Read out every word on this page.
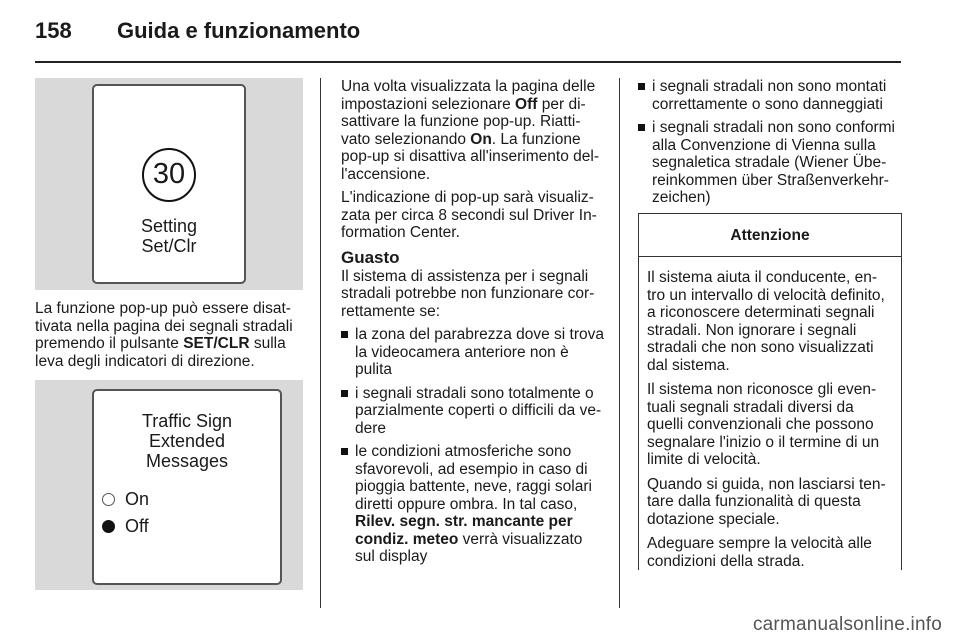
158 Guida e funzionamento
30
Setting
Set/Clr

La funzione pop-up può essere disat-tivata nella pagina dei segnali stradali premendo il pulsante SET/CLR sulla leva degli indicatori di direzione.

Traffic Sign
Extended
Messages
On
Off

Una volta visualizzata la pagina delle impostazioni selezionare Off per di-sattivare la funzione pop-up. Riatti-vato selezionando On. La funzione pop-up si disattiva all'inserimento del-l'accensione.

L'indicazione di pop-up sarà visualiz-zata per circa 8 secondi sul Driver In-formation Center.

Guasto

Il sistema di assistenza per i segnali stradali potrebbe non funzionare cor-rettamente se:

la zona del parabrezza dove si trova la videocamera anteriore non è pulita
i segnali stradali sono totalmente o parzialmente coperti o difficili da ve-dere
le condizioni atmosferiche sono sfavorevoli, ad esempio in caso di pioggia battente, neve, raggi solari diretti oppure ombra. In tal caso, Rilev. segn. str. mancante per condiz. meteo verrà visualizzato sul display
i segnali stradali non sono montati correttamente o sono danneggiati
i segnali stradali non sono conformi alla Convenzione di Vienna sulla segnaletica stradale (Wiener Übe-reinkommen über Straßenverkehr-zeichen)
Attenzione

Il sistema aiuta il conducente, en-tro un intervallo di velocità definito, a riconoscere determinati segnali stradali. Non ignorare i segnali stradali che non sono visualizzati dal sistema.

Il sistema non riconosce gli even-tuali segnali stradali diversi da quelli convenzionali che possono segnalare l'inizio o il termine di un limite di velocità.

Quando si guida, non lasciarsi ten-tare dalla funzionalità di questa dotazione speciale.

Adeguare sempre la velocità alle condizioni della strada.

carmanualsonline.info
